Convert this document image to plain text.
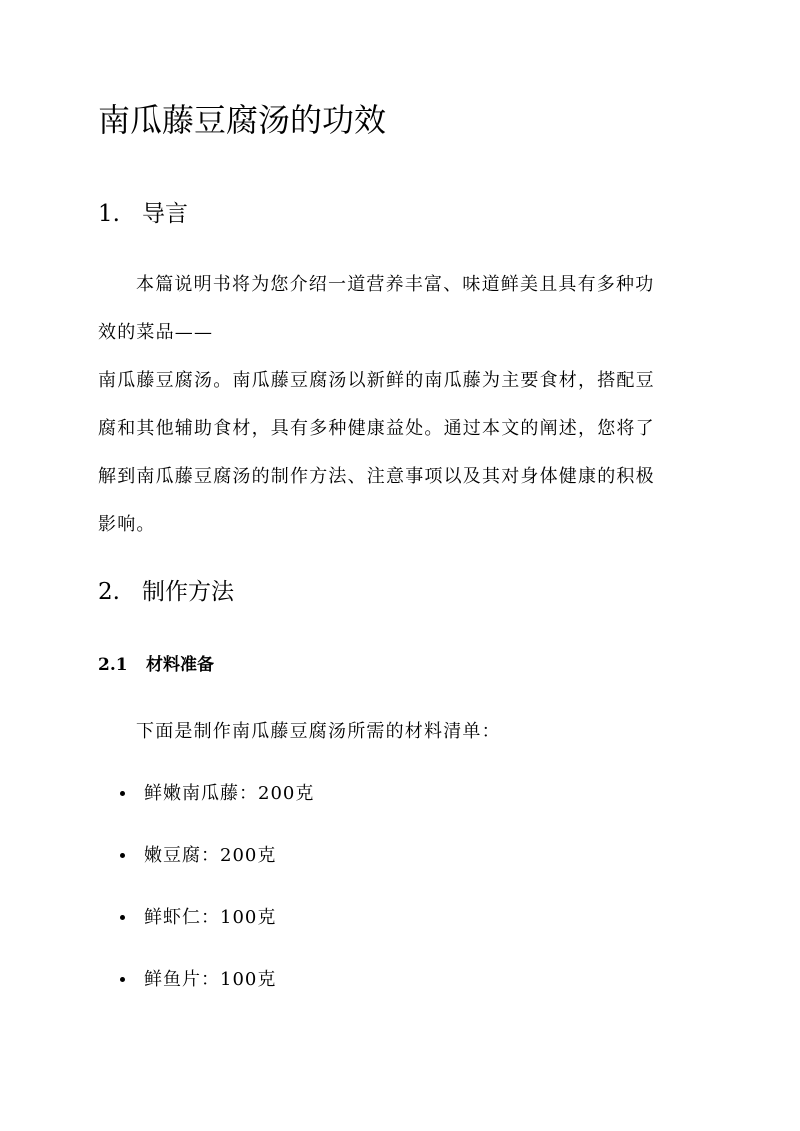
南瓜藤豆腐汤的功效
1. 导言
本篇说明书将为您介绍一道营养丰富、味道鲜美且具有多种功
效的菜品——
南瓜藤豆腐汤。南瓜藤豆腐汤以新鲜的南瓜藤为主要食材，搭配豆
腐和其他辅助食材，具有多种健康益处。通过本文的阐述，您将了
解到南瓜藤豆腐汤的制作方法、注意事项以及其对身体健康的积极
影响。
2. 制作方法
2.1 材料准备
下面是制作南瓜藤豆腐汤所需的材料清单：
鲜嫩南瓜藤：200克
嫩豆腐：200克
鲜虾仁：100克
鲜鱼片：100克
